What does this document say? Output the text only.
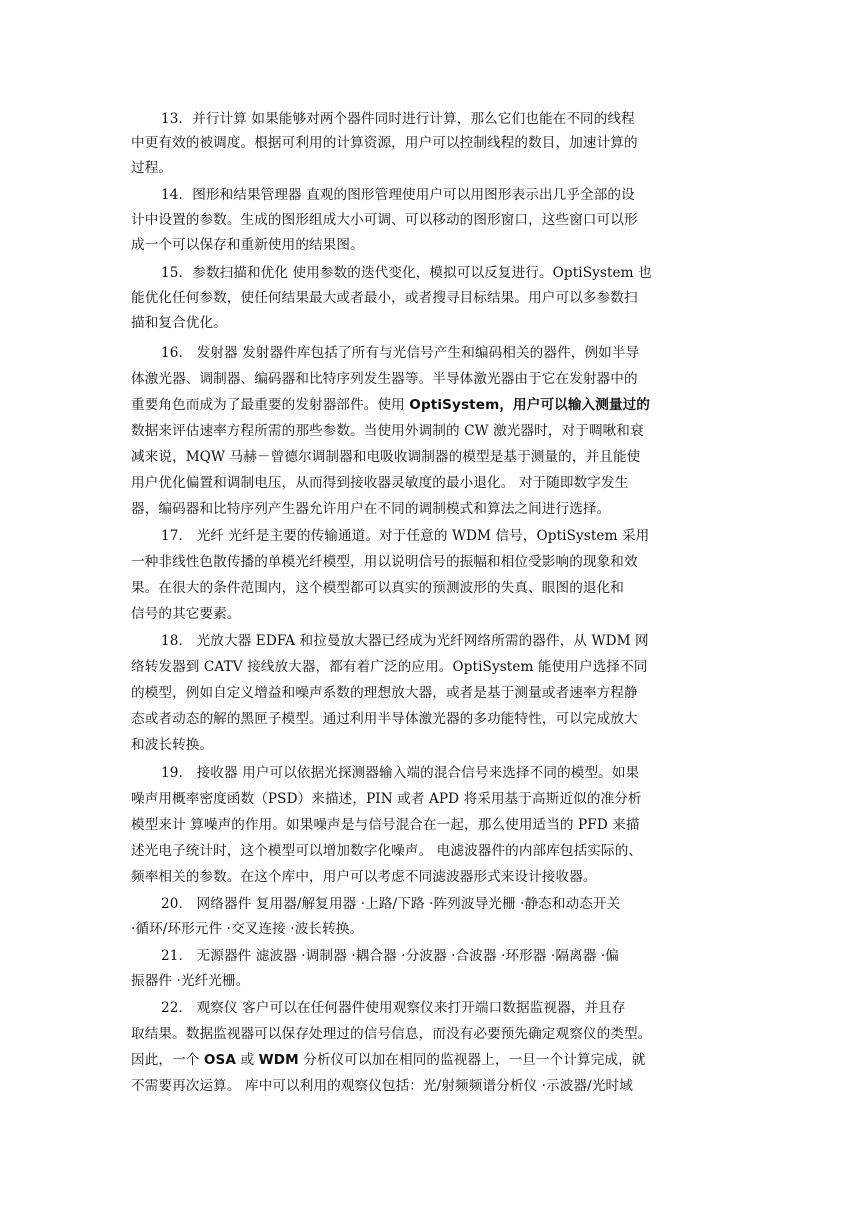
13．并行计算 如果能够对两个器件同时进行计算，那么它们也能在不同的线程
中更有效的被调度。根据可利用的计算资源，用户可以控制线程的数目，加速计算的
过程。
14．图形和结果管理器 直观的图形管理使用户可以用图形表示出几乎全部的设
计中设置的参数。生成的图形组成大小可调、可以移动的图形窗口，这些窗口可以形
成一个可以保存和重新使用的结果图。
15．参数扫描和优化 使用参数的迭代变化，模拟可以反复进行。OptiSystem 也
能优化任何参数，使任何结果最大或者最小，或者搜寻目标结果。用户可以多参数扫
描和复合优化。
16． 发射器 发射器件库包括了所有与光信号产生和编码相关的器件，例如半导
体激光器、调制器、编码器和比特序列发生器等。半导体激光器由于它在发射器中的
重要角色而成为了最重要的发射器部件。使用 OptiSystem，用户可以输入测量过的
数据来评估速率方程所需的那些参数。当使用外调制的 CW 激光器时，对于啁啾和衰
减来说，MQW 马赫－曾德尔调制器和电吸收调制器的模型是基于测量的，并且能使
用户优化偏置和调制电压，从而得到接收器灵敏度的最小退化。 对于随即数字发生
器，编码器和比特序列产生器允许用户在不同的调制模式和算法之间进行选择。
17． 光纤 光纤是主要的传输通道。对于任意的 WDM 信号，OptiSystem 采用
一种非线性色散传播的单模光纤模型，用以说明信号的振幅和相位受影响的现象和效
果。在很大的条件范围内，这个模型都可以真实的预测波形的失真、眼图的退化和
信号的其它要素。
18． 光放大器 EDFA 和拉曼放大器已经成为光纤网络所需的器件，从 WDM 网
络转发器到 CATV 接线放大器，都有着广泛的应用。OptiSystem 能使用户选择不同
的模型，例如自定义增益和噪声系数的理想放大器，或者是基于测量或者速率方程静
态或者动态的解的黑匣子模型。通过利用半导体激光器的多功能特性，可以完成放大
和波长转换。
19． 接收器 用户可以依据光探测器输入端的混合信号来选择不同的模型。如果
噪声用概率密度函数（PSD）来描述，PIN 或者 APD 将采用基于高斯近似的准分析
模型来计 算噪声的作用。如果噪声是与信号混合在一起，那么使用适当的 PFD 来描
述光电子统计时，这个模型可以增加数字化噪声。 电滤波器件的内部库包括实际的、
频率相关的参数。在这个库中，用户可以考虑不同滤波器形式来设计接收器。
20． 网络器件 复用器/解复用器 ·上路/下路 ·阵列波导光栅 ·静态和动态开关
·循环/环形元件 ·交叉连接 ·波长转换。
21． 无源器件 滤波器 ·调制器 ·耦合器 ·分波器 ·合波器 ·环形器 ·隔离器 ·偏
振器件 ·光纤光栅。
22． 观察仪 客户可以在任何器件使用观察仪来打开端口数据监视器，并且存
取结果。数据监视器可以保存处理过的信号信息，而没有必要预先确定观察仪的类型。
因此，一个 OSA 或 WDM 分析仪可以加在相同的监视器上，一旦一个计算完成，就
不需要再次运算。 库中可以利用的观察仪包括：光/射频频谱分析仪 ·示波器/光时域
